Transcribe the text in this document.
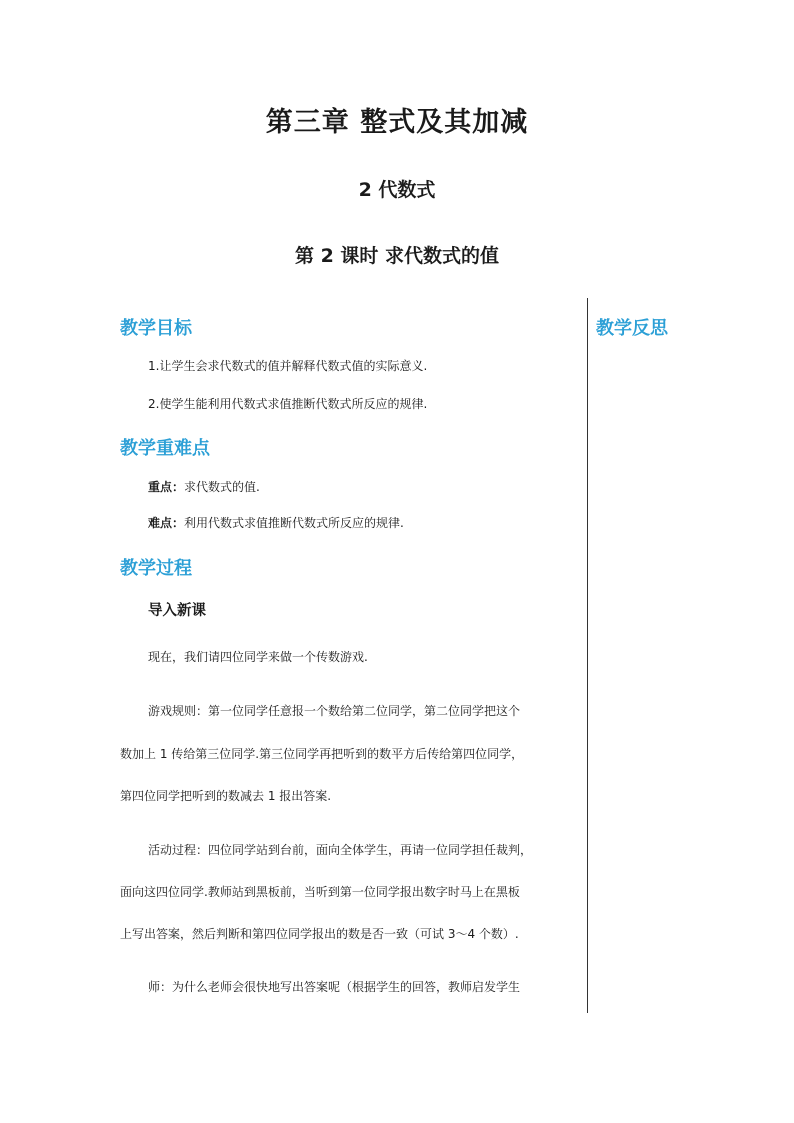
第三章 整式及其加减
2 代数式
第 2 课时 求代数式的值
教学反思
教学目标
1.让学生会求代数式的值并解释代数式值的实际意义.
2.使学生能利用代数式求值推断代数式所反应的规律.
教学重难点
重点：求代数式的值.
难点：利用代数式求值推断代数式所反应的规律.
教学过程
导入新课
现在，我们请四位同学来做一个传数游戏.
游戏规则：第一位同学任意报一个数给第二位同学，第二位同学把这个
数加上 1 传给第三位同学.第三位同学再把听到的数平方后传给第四位同学，
第四位同学把听到的数减去 1 报出答案.
活动过程：四位同学站到台前，面向全体学生，再请一位同学担任裁判，
面向这四位同学.教师站到黑板前，当听到第一位同学报出数字时马上在黑板
上写出答案，然后判断和第四位同学报出的数是否一致（可试 3～4 个数）.
师：为什么老师会很快地写出答案呢（根据学生的回答，教师启发学生
